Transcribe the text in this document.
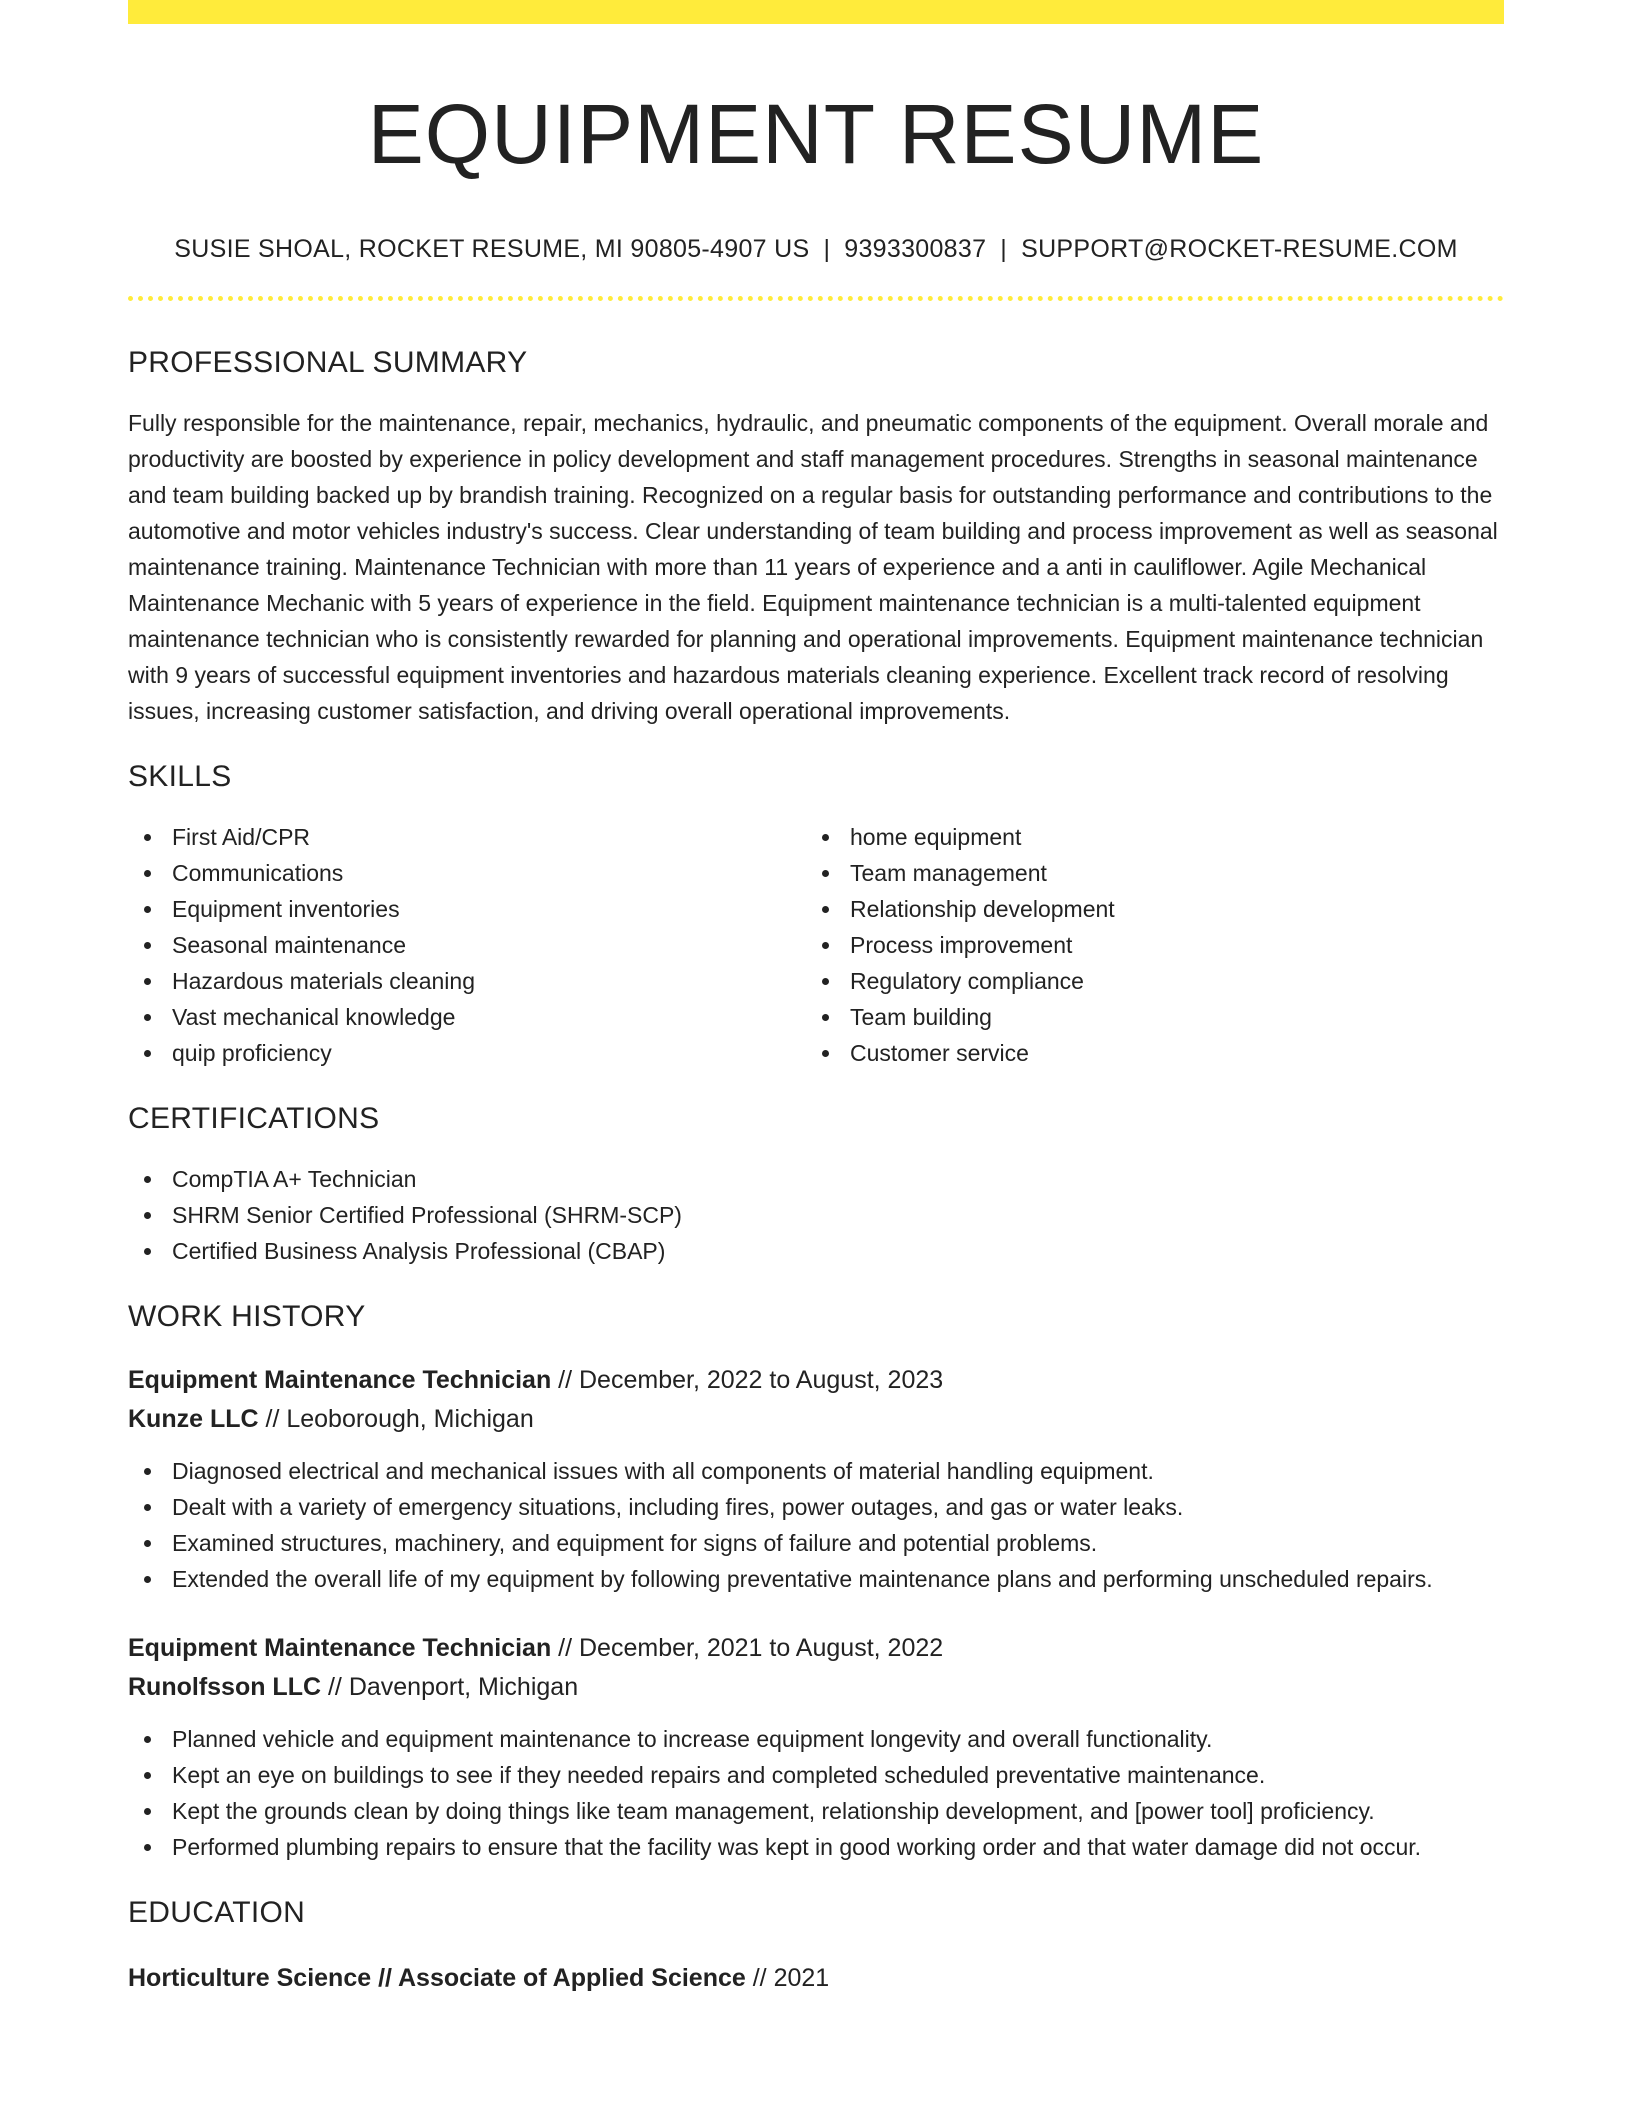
EQUIPMENT RESUME
SUSIE SHOAL, ROCKET RESUME, MI 90805-4907 US | 9393300837 | SUPPORT@ROCKET-RESUME.COM
PROFESSIONAL SUMMARY

Fully responsible for the maintenance, repair, mechanics, hydraulic, and pneumatic components of the equipment. Overall morale and productivity are boosted by experience in policy development and staff management procedures. Strengths in seasonal maintenance and team building backed up by brandish training. Recognized on a regular basis for outstanding performance and contributions to the automotive and motor vehicles industry's success. Clear understanding of team building and process improvement as well as seasonal maintenance training. Maintenance Technician with more than 11 years of experience and a anti in cauliflower. Agile Mechanical Maintenance Mechanic with 5 years of experience in the field. Equipment maintenance technician is a multi-talented equipment maintenance technician who is consistently rewarded for planning and operational improvements. Equipment maintenance technician with 9 years of successful equipment inventories and hazardous materials cleaning experience. Excellent track record of resolving issues, increasing customer satisfaction, and driving overall operational improvements.

SKILLS
First Aid/CPR
Communications
Equipment inventories
Seasonal maintenance
Hazardous materials cleaning
Vast mechanical knowledge
quip proficiency
home equipment
Team management
Relationship development
Process improvement
Regulatory compliance
Team building
Customer service
CERTIFICATIONS
CompTIA A+ Technician
SHRM Senior Certified Professional (SHRM-SCP)
Certified Business Analysis Professional (CBAP)
WORK HISTORY
Equipment Maintenance Technician // December, 2022 to August, 2023
Kunze LLC // Leoborough, Michigan
Diagnosed electrical and mechanical issues with all components of material handling equipment.
Dealt with a variety of emergency situations, including fires, power outages, and gas or water leaks.
Examined structures, machinery, and equipment for signs of failure and potential problems.
Extended the overall life of my equipment by following preventative maintenance plans and performing unscheduled repairs.
Equipment Maintenance Technician // December, 2021 to August, 2022
Runolfsson LLC // Davenport, Michigan
Planned vehicle and equipment maintenance to increase equipment longevity and overall functionality.
Kept an eye on buildings to see if they needed repairs and completed scheduled preventative maintenance.
Kept the grounds clean by doing things like team management, relationship development, and [power tool] proficiency.
Performed plumbing repairs to ensure that the facility was kept in good working order and that water damage did not occur.
EDUCATION
Horticulture Science // Associate of Applied Science // 2021
